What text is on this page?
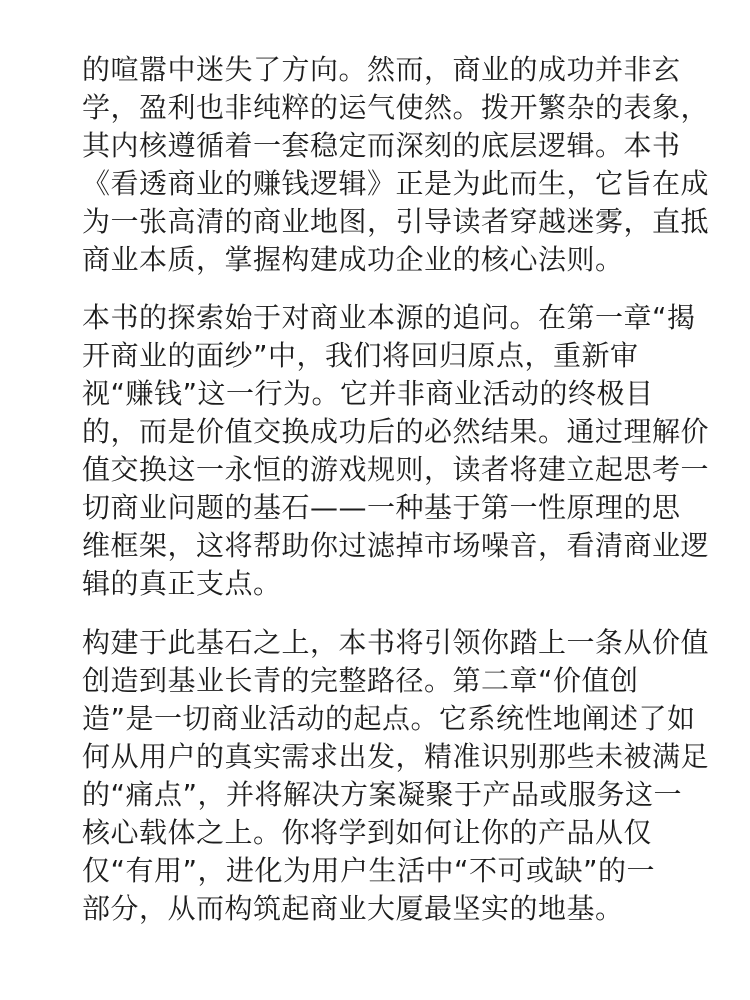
的喧嚣中迷失了方向。然而，商业的成功并非玄
学，盈利也非纯粹的运气使然。拨开繁杂的表象，
其内核遵循着一套稳定而深刻的底层逻辑。本书
《看透商业的赚钱逻辑》正是为此而生，它旨在成
为一张高清的商业地图，引导读者穿越迷雾，直抵
商业本质，掌握构建成功企业的核心法则。
本书的探索始于对商业本源的追问。在第一章“揭
开商业的面纱”中，我们将回归原点，重新审
视“赚钱”这一行为。它并非商业活动的终极目
的，而是价值交换成功后的必然结果。通过理解价
值交换这一永恒的游戏规则，读者将建立起思考一
切商业问题的基石——一种基于第一性原理的思
维框架，这将帮助你过滤掉市场噪音，看清商业逻
辑的真正支点。
构建于此基石之上，本书将引领你踏上一条从价值
创造到基业长青的完整路径。第二章“价值创
造”是一切商业活动的起点。它系统性地阐述了如
何从用户的真实需求出发，精准识别那些未被满足
的“痛点”，并将解决方案凝聚于产品或服务这一
核心载体之上。你将学到如何让你的产品从仅
仅“有用”，进化为用户生活中“不可或缺”的一
部分，从而构筑起商业大厦最坚实的地基。
